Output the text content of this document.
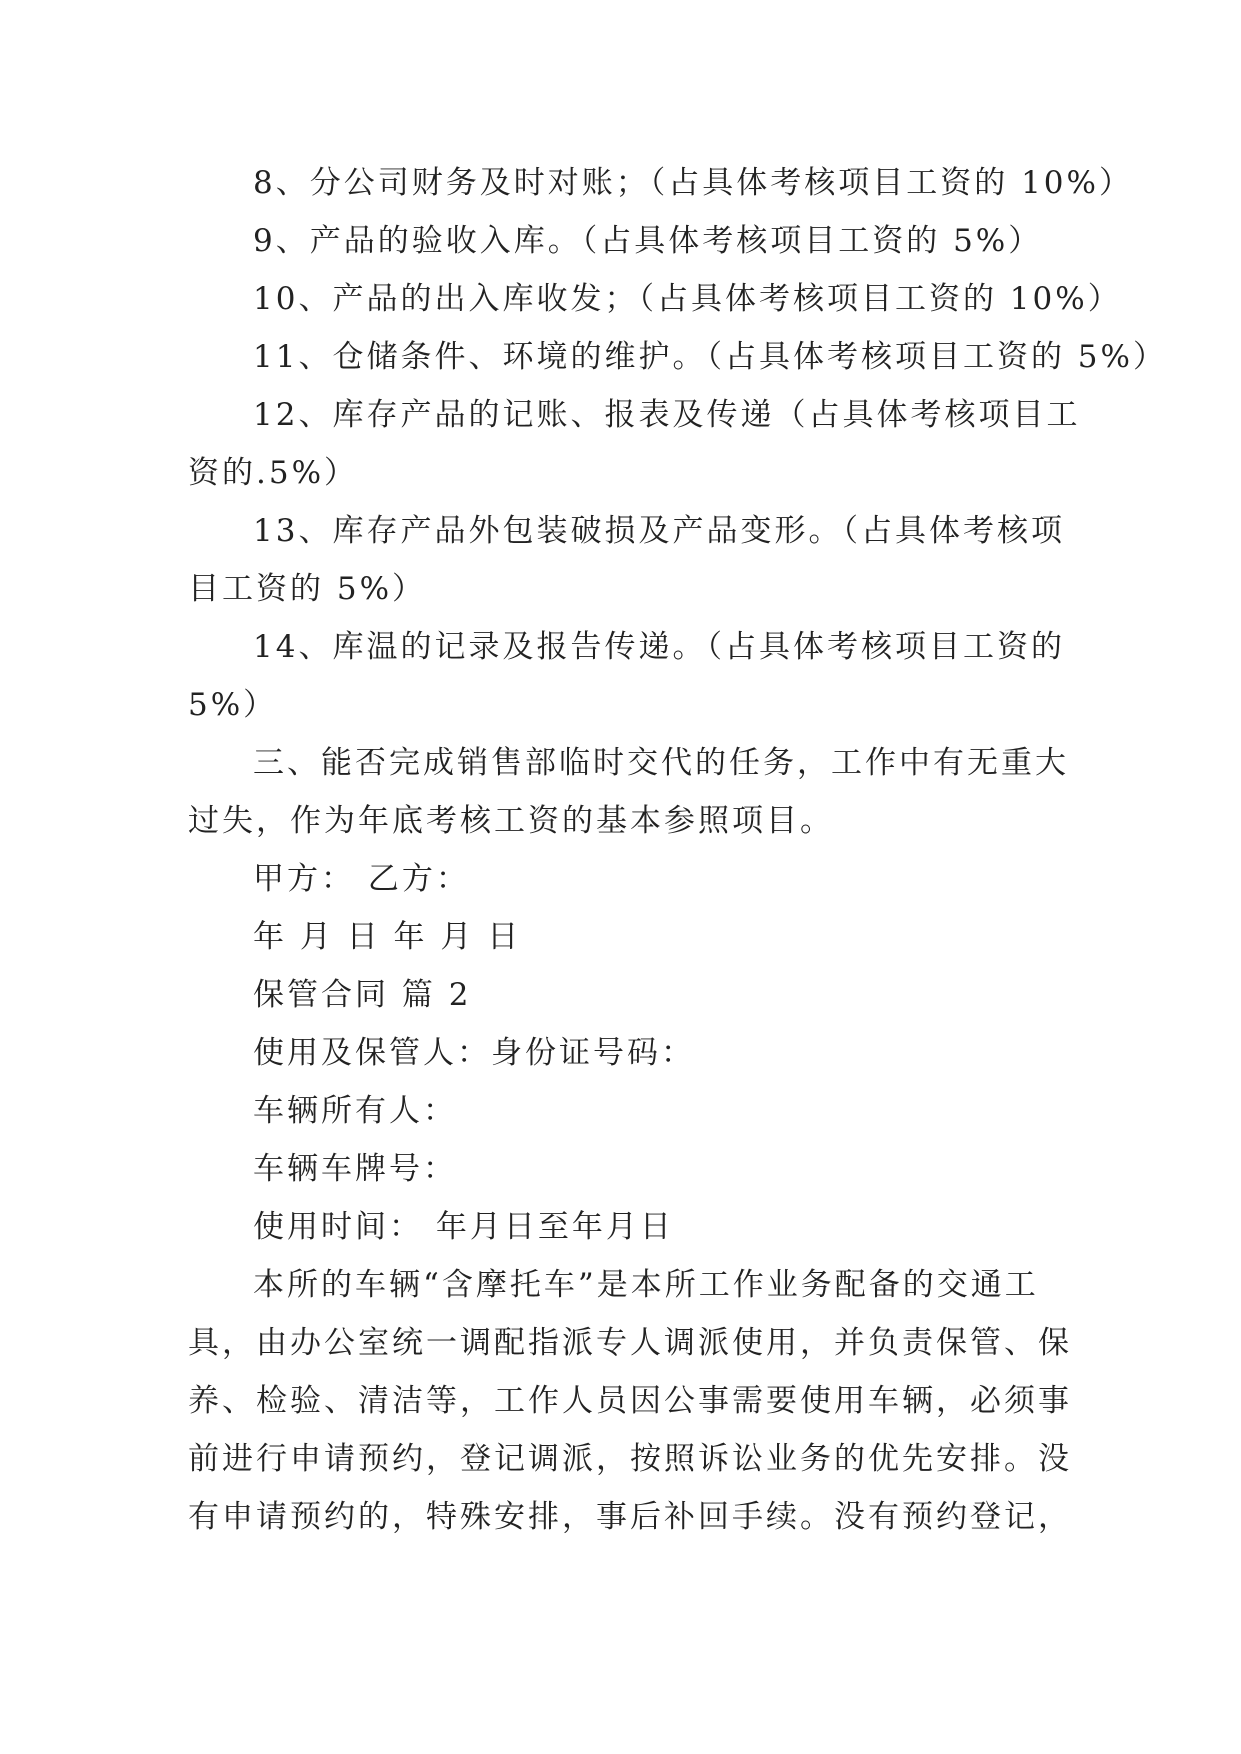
8、分公司财务及时对账；（占具体考核项目工资的 10%）
9、产品的验收入库。（占具体考核项目工资的 5%）
10、产品的出入库收发；（占具体考核项目工资的 10%）
11、仓储条件、环境的维护。（占具体考核项目工资的 5%）
12、库存产品的记账、报表及传递（占具体考核项目工
资的.5%）
13、库存产品外包装破损及产品变形。（占具体考核项
目工资的 5%）
14、库温的记录及报告传递。（占具体考核项目工资的
5%）
三、能否完成销售部临时交代的任务，工作中有无重大
过失，作为年底考核工资的基本参照项目。
甲方： 乙方：
年 月 日 年 月 日
保管合同 篇 2
使用及保管人：身份证号码：
车辆所有人：
车辆车牌号：
使用时间： 年月日至年月日
本所的车辆“含摩托车”是本所工作业务配备的交通工
具，由办公室统一调配指派专人调派使用，并负责保管、保
养、检验、清洁等，工作人员因公事需要使用车辆，必须事
前进行申请预约，登记调派，按照诉讼业务的优先安排。没
有申请预约的，特殊安排，事后补回手续。没有预约登记，
